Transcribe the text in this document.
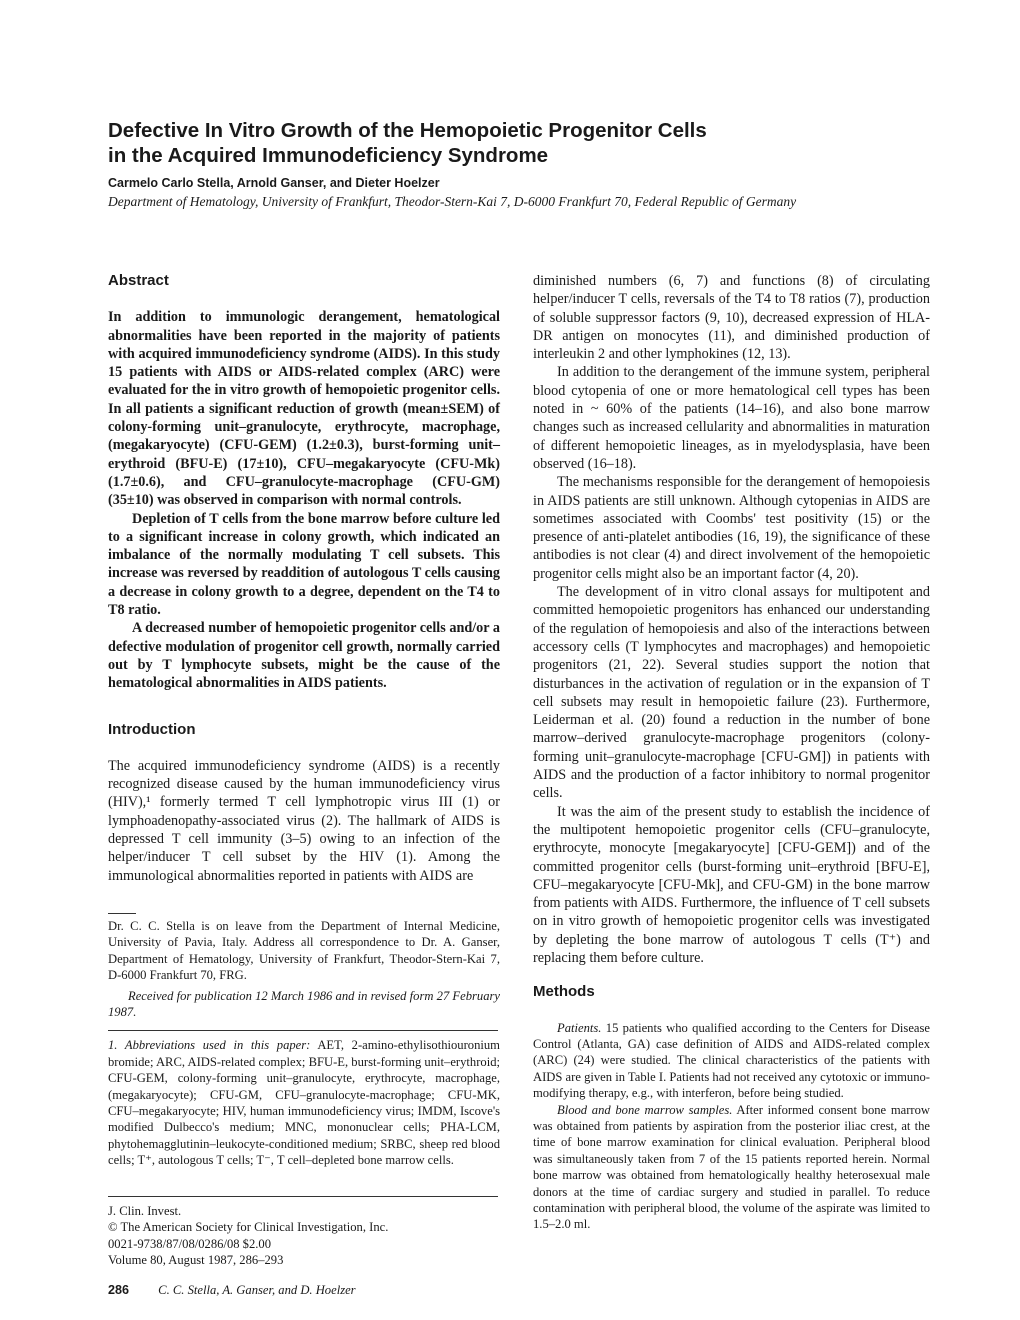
Defective In Vitro Growth of the Hemopoietic Progenitor Cells
in the Acquired Immunodeficiency Syndrome
Carmelo Carlo Stella, Arnold Ganser, and Dieter Hoelzer
Department of Hematology, University of Frankfurt, Theodor-Stern-Kai 7, D-6000 Frankfurt 70, Federal Republic of Germany
Abstract

In addition to immunologic derangement, hematological abnormalities have been reported in the majority of patients with acquired immunodeficiency syndrome (AIDS). In this study 15 patients with AIDS or AIDS-related complex (ARC) were evaluated for the in vitro growth of hemopoietic progenitor cells. In all patients a significant reduction of growth (mean±SEM) of colony-forming unit–granulocyte, erythrocyte, macrophage, (megakaryocyte) (CFU-GEM) (1.2±0.3), burst-forming unit–erythroid (BFU-E) (17±10), CFU–megakaryocyte (CFU-Mk) (1.7±0.6), and CFU–granulocyte-macrophage (CFU-GM) (35±10) was observed in comparison with normal controls.

Depletion of T cells from the bone marrow before culture led to a significant increase in colony growth, which indicated an imbalance of the normally modulating T cell subsets. This increase was reversed by readdition of autologous T cells causing a decrease in colony growth to a degree, dependent on the T4 to T8 ratio.

A decreased number of hemopoietic progenitor cells and/or a defective modulation of progenitor cell growth, normally carried out by T lymphocyte subsets, might be the cause of the hematological abnormalities in AIDS patients.

Introduction

The acquired immunodeficiency syndrome (AIDS) is a recently recognized disease caused by the human immunodeficiency virus (HIV),¹ formerly termed T cell lymphotropic virus III (1) or lymphoadenopathy-associated virus (2). The hallmark of AIDS is depressed T cell immunity (3–5) owing to an infection of the helper/inducer T cell subset by the HIV (1). Among the immunological abnormalities reported in patients with AIDS are

Dr. C. C. Stella is on leave from the Department of Internal Medicine, University of Pavia, Italy. Address all correspondence to Dr. A. Ganser, Department of Hematology, University of Frankfurt, Theodor-Stern-Kai 7, D-6000 Frankfurt 70, FRG.

Received for publication 12 March 1986 and in revised form 27 February 1987.

1. Abbreviations used in this paper: AET, 2-amino-ethylisothiouronium bromide; ARC, AIDS-related complex; BFU-E, burst-forming unit–erythroid; CFU-GEM, colony-forming unit–granulocyte, erythrocyte, macrophage, (megakaryocyte); CFU-GM, CFU–granulocyte-macrophage; CFU-MK, CFU–megakaryocyte; HIV, human immunodeficiency virus; IMDM, Iscove's modified Dulbecco's medium; MNC, mononuclear cells; PHA-LCM, phytohemagglutinin–leukocyte-conditioned medium; SRBC, sheep red blood cells; T⁺, autologous T cells; T⁻, T cell–depleted bone marrow cells.

J. Clin. Invest.
© The American Society for Clinical Investigation, Inc.
0021-9738/87/08/0286/08 $2.00
Volume 80, August 1987, 286–293

diminished numbers (6, 7) and functions (8) of circulating helper/inducer T cells, reversals of the T4 to T8 ratios (7), production of soluble suppressor factors (9, 10), decreased expression of HLA-DR antigen on monocytes (11), and diminished production of interleukin 2 and other lymphokines (12, 13).

In addition to the derangement of the immune system, peripheral blood cytopenia of one or more hematological cell types has been noted in ~ 60% of the patients (14–16), and also bone marrow changes such as increased cellularity and abnormalities in maturation of different hemopoietic lineages, as in myelodysplasia, have been observed (16–18).

The mechanisms responsible for the derangement of hemopoiesis in AIDS patients are still unknown. Although cytopenias in AIDS are sometimes associated with Coombs' test positivity (15) or the presence of anti-platelet antibodies (16, 19), the significance of these antibodies is not clear (4) and direct involvement of the hemopoietic progenitor cells might also be an important factor (4, 20).

The development of in vitro clonal assays for multipotent and committed hemopoietic progenitors has enhanced our understanding of the regulation of hemopoiesis and also of the interactions between accessory cells (T lymphocytes and macrophages) and hemopoietic progenitors (21, 22). Several studies support the notion that disturbances in the activation of regulation or in the expansion of T cell subsets may result in hemopoietic failure (23). Furthermore, Leiderman et al. (20) found a reduction in the number of bone marrow–derived granulocyte-macrophage progenitors (colony-forming unit–granulocyte-macrophage [CFU-GM]) in patients with AIDS and the production of a factor inhibitory to normal progenitor cells.

It was the aim of the present study to establish the incidence of the multipotent hemopoietic progenitor cells (CFU–granulocyte, erythrocyte, monocyte [megakaryocyte] [CFU-GEM]) and of the committed progenitor cells (burst-forming unit–erythroid [BFU-E], CFU–megakaryocyte [CFU-Mk], and CFU-GM) in the bone marrow from patients with AIDS. Furthermore, the influence of T cell subsets on in vitro growth of hemopoietic progenitor cells was investigated by depleting the bone marrow of autologous T cells (T⁺) and replacing them before culture.

Methods

Patients. 15 patients who qualified according to the Centers for Disease Control (Atlanta, GA) case definition of AIDS and AIDS-related complex (ARC) (24) were studied. The clinical characteristics of the patients with AIDS are given in Table I. Patients had not received any cytotoxic or immuno-modifying therapy, e.g., with interferon, before being studied.

Blood and bone marrow samples. After informed consent bone marrow was obtained from patients by aspiration from the posterior iliac crest, at the time of bone marrow examination for clinical evaluation. Peripheral blood was simultaneously taken from 7 of the 15 patients reported herein. Normal bone marrow was obtained from hematologically healthy heterosexual male donors at the time of cardiac surgery and studied in parallel. To reduce contamination with peripheral blood, the volume of the aspirate was limited to 1.5–2.0 ml.

286 C. C. Stella, A. Ganser, and D. Hoelzer
